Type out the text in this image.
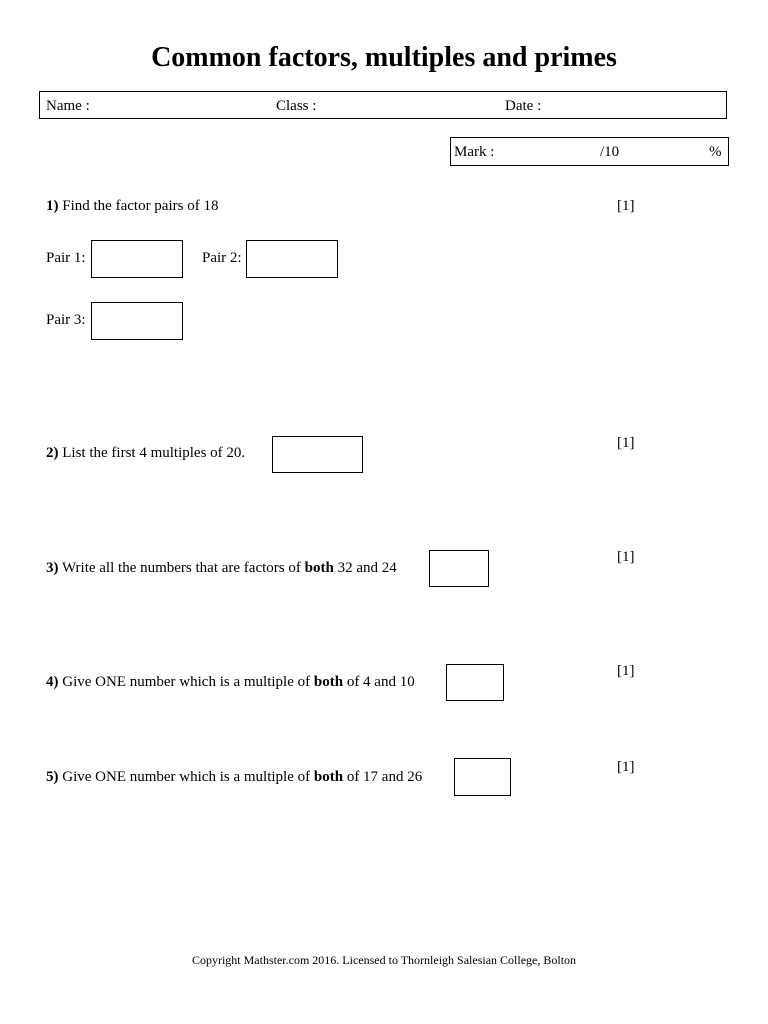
Common factors, multiples and primes
Name :	Class :	Date :
Mark :	/10	%
1) Find the factor pairs of 18	[1]
Pair 1:	Pair 2:
Pair 3:
2) List the first 4 multiples of 20.
[1]
3) Write all the numbers that are factors of both 32 and 24
[1]
4) Give ONE number which is a multiple of both of 4 and 10
[1]
5) Give ONE number which is a multiple of both of 17 and 26
[1]
Copyright Mathster.com 2016. Licensed to Thornleigh Salesian College, Bolton
